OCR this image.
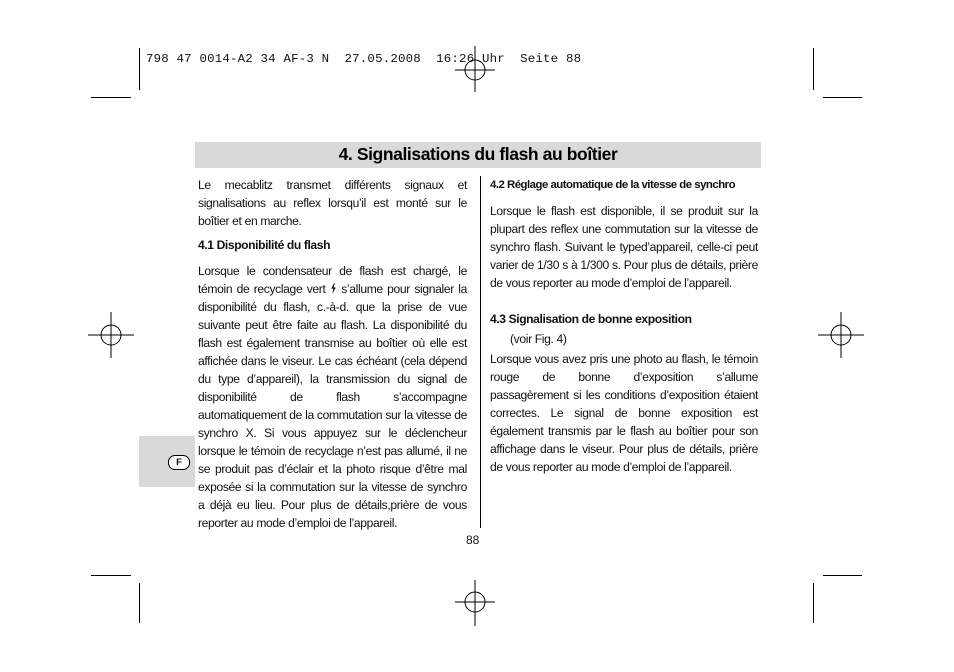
798 47 0014-A2 34 AF-3 N  27.05.2008  16:26 Uhr  Seite 88
4. Signalisations du flash au boîtier

Le mecablitz transmet différents signaux et signalisations au reflex lorsqu’il est monté sur le boîtier et en marche.

4.1 Disponibilité du flash

Lorsque le condensateur de flash est chargé, le témoin de recyclage vert s’allume pour signaler la disponibilité du flash, c.-à-d. que la prise de vue suivante peut être faite au flash. La disponibilité du flash est également transmise au boîtier où elle est affichée dans le viseur. Le cas échéant (cela dépend du type d’appareil), la transmission du signal de disponibilité de flash s’accompagne automatiquement de la commutation sur la vitesse de synchro X. Si vous appuyez sur le déclencheur lorsque le témoin de recyclage n’est pas allumé, il ne se produit pas d’éclair et la photo risque d’être mal exposée si la commutation sur la vitesse de synchro a déjà eu lieu. Pour plus de détails,prière de vous reporter au mode d’emploi de l’appareil.

4.2 Réglage automatique de la vitesse de synchro

Lorsque le flash est disponible, il se produit sur la plupart des reflex une commutation sur la vitesse de synchro flash. Suivant le typed’appareil, celle-ci peut varier de 1/30 s à 1/300 s. Pour plus de détails, prière de vous reporter au mode d’emploi de l’appareil.

4.3 Signalisation de bonne exposition

(voir Fig. 4)

Lorsque vous avez pris une photo au flash, le témoin rouge de bonne d’exposition s’allume passagèrement si les conditions d’exposition étaient correctes. Le signal de bonne exposition est également transmis par le flash au boîtier pour son affichage dans le viseur. Pour plus de détails, prière de vous reporter au mode d’emploi de l’appareil.

F
88
